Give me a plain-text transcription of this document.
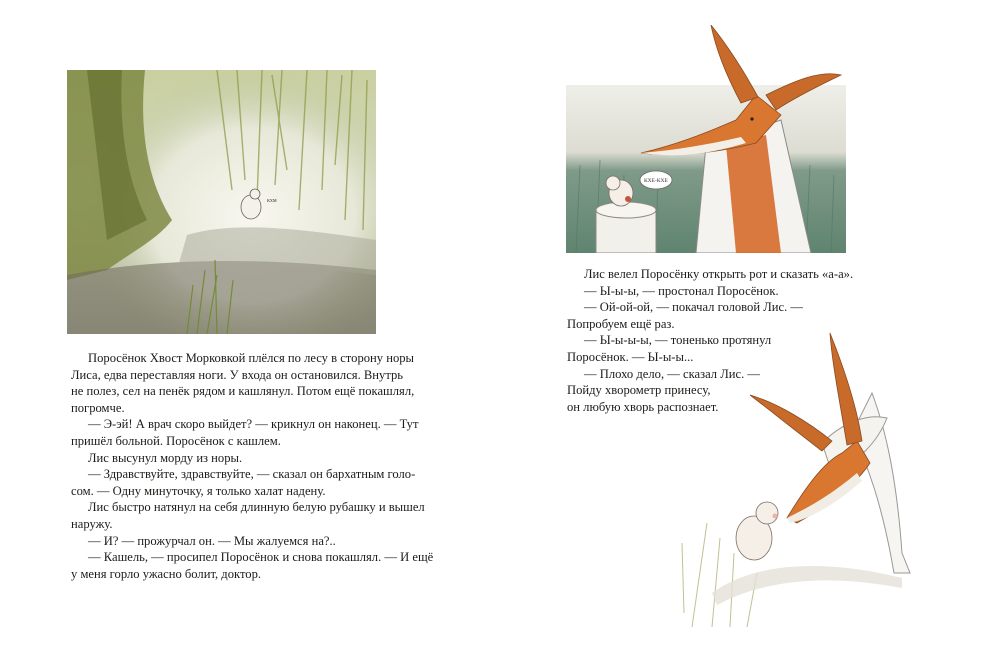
кхм
КХЕ-КХЕ

Поросёнок Хвост Морковкой плёлся по лесу в сторону норы

Лиса, едва переставляя ноги. У входа он остановился. Внутрь

не полез, сел на пенёк рядом и кашлянул. Потом ещё покашлял,

погромче.

— Э-эй! А врач скоро выйдет? — крикнул он наконец. — Тут

пришёл больной. Поросёнок с кашлем.

Лис высунул морду из норы.

— Здравствуйте, здравствуйте, — сказал он бархатным голо-

сом. — Одну минуточку, я только халат надену.

Лис быстро натянул на себя длинную белую рубашку и вышел

наружу.

— И? — прожурчал он. — Мы жалуемся на?..

— Кашель, — просипел Поросёнок и снова покашлял. — И ещё

у меня горло ужасно болит, доктор.

Лис велел Поросёнку открыть рот и сказать «а-а».

— Ы-ы-ы, — простонал Поросёнок.

— Ой-ой-ой, — покачал головой Лис. —

Попробуем ещё раз.

— Ы-ы-ы-ы, — тоненько протянул

Поросёнок. — Ы-ы-ы...

— Плохо дело, — сказал Лис. —

Пойду хворометр принесу,

он любую хворь распознает.
